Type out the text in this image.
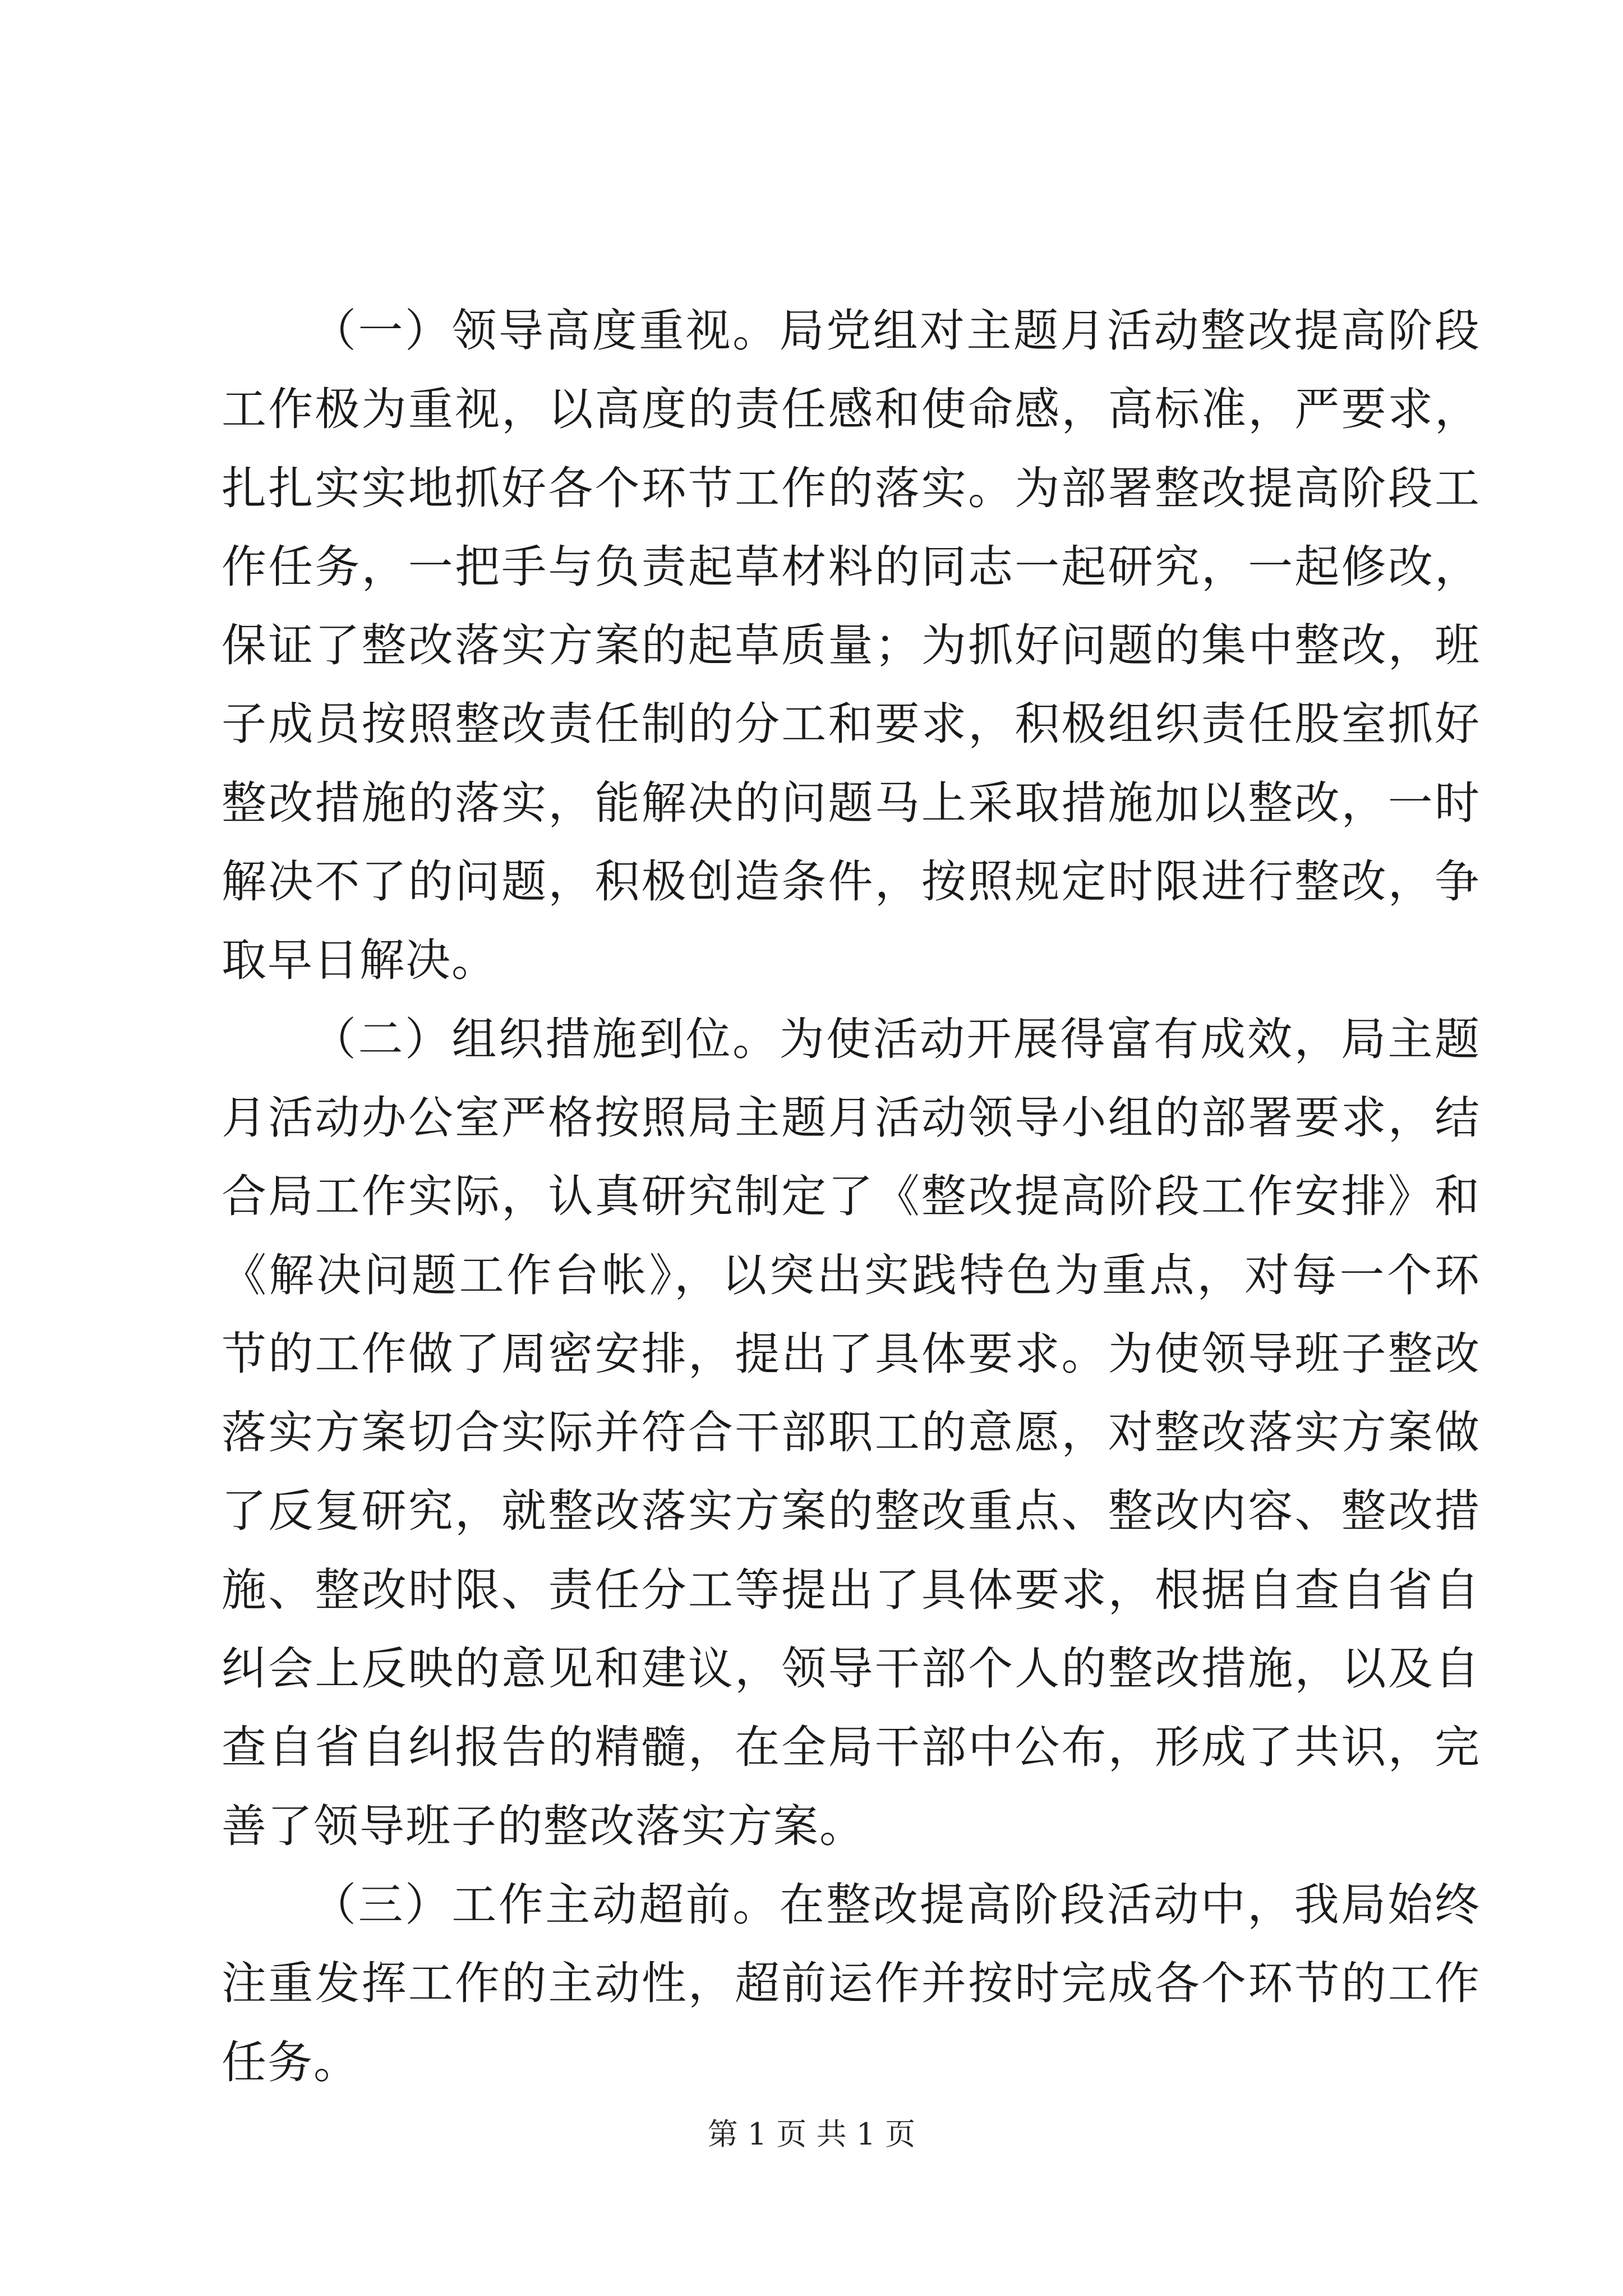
（一）领导高度重视。局党组对主题月活动整改提高阶段工作极为重视，以高度的责任感和使命感，高标准，严要求，扎扎实实地抓好各个环节工作的落实。为部署整改提高阶段工作任务，一把手与负责起草材料的同志一起研究，一起修改，保证了整改落实方案的起草质量；为抓好问题的集中整改，班子成员按照整改责任制的分工和要求，积极组织责任股室抓好整改措施的落实，能解决的问题马上采取措施加以整改，一时解决不了的问题，积极创造条件，按照规定时限进行整改，争取早日解决。

（二）组织措施到位。为使活动开展得富有成效，局主题月活动办公室严格按照局主题月活动领导小组的部署要求，结合局工作实际，认真研究制定了《整改提高阶段工作安排》和《解决问题工作台帐》，以突出实践特色为重点，对每一个环节的工作做了周密安排，提出了具体要求。为使领导班子整改落实方案切合实际并符合干部职工的意愿，对整改落实方案做了反复研究，就整改落实方案的整改重点、整改内容、整改措施、整改时限、责任分工等提出了具体要求，根据自查自省自纠会上反映的意见和建议，领导干部个人的整改措施，以及自查自省自纠报告的精髓，在全局干部中公布，形成了共识，完善了领导班子的整改落实方案。

（三）工作主动超前。在整改提高阶段活动中，我局始终注重发挥工作的主动性，超前运作并按时完成各个环节的工作任务。

第 1 页 共 1 页
